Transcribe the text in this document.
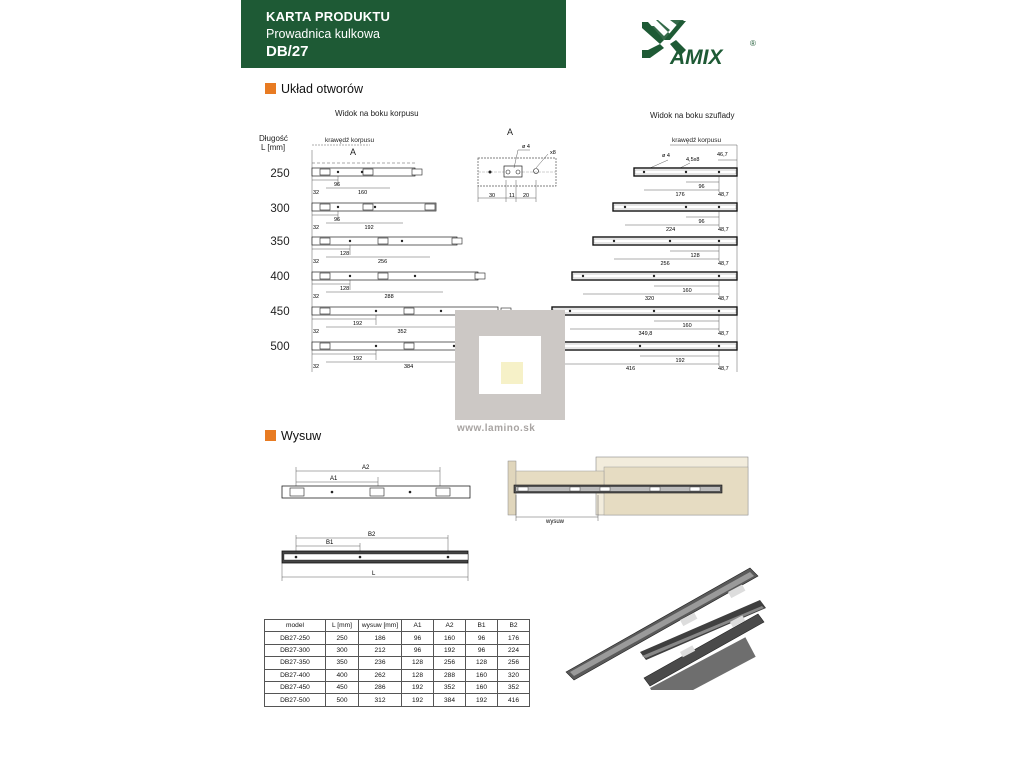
KARTA PRODUKTU
Prowadnica kulkowa
DB/27	AMIX
®
Układ otworów
Widok na boku korpusu	Widok na boku szuflady
Długość
L [mm]
krawędź korpusu	krawędź korpusu
A
A
250
300
350
400
450
500
ø 4
4,5x8
46,7
96
160
32
96
176	48,7
96
192
32
96
224	48,7
128
256
32
128
256	48,7
128
288
32
160
320	48,7
192
352
32
160
349,8	48,7
192
384
32
192
416	48,7
ø 4
x8
30	11 20
www.lamino.sk
Wysuw
A2
A1
B2
B1
L
wysuw
model	L [mm]	wysuw [mm]	A1	A2	B1	B2
DB27-250	250	186	96	160	96	176
DB27-300	300	212	96	192	96	224
DB27-350	350	236	128	256	128	256
DB27-400	400	262	128	288	160	320
DB27-450	450	286	192	352	160	352
DB27-500	500	312	192	384	192	416
